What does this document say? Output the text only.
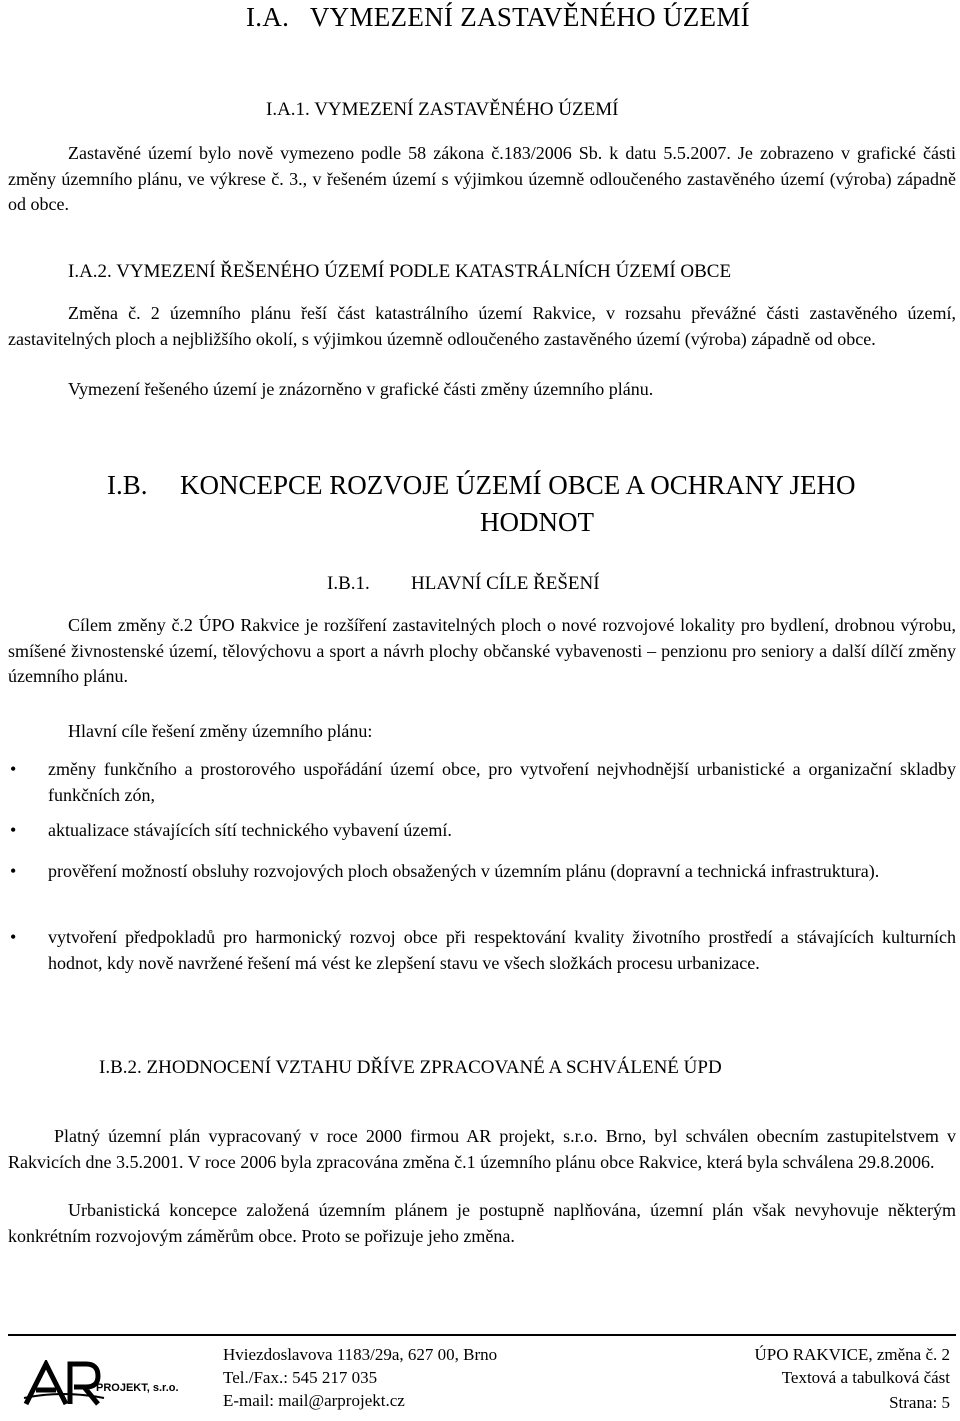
I.A.   VYMEZENÍ ZASTAVĚNÉHO ÚZEMÍ
I.A.1. VYMEZENÍ ZASTAVĚNÉHO ÚZEMÍ
Zastavěné území bylo nově vymezeno podle 58 zákona č.183/2006 Sb. k datu 5.5.2007. Je zobrazeno v grafické části změny územního plánu, ve výkrese č. 3., v řešeném území s výjimkou územně odloučeného zastavěného území (výroba) západně od obce.
I.A.2. VYMEZENÍ ŘEŠENÉHO ÚZEMÍ PODLE KATASTRÁLNÍCH ÚZEMÍ OBCE
Změna č. 2 územního plánu řeší část katastrálního území Rakvice, v rozsahu převážné části zastavěného území, zastavitelných ploch a nejbližšího okolí, s výjimkou územně odloučeného zastavěného území (výroba) západně od obce.
Vymezení řešeného území je znázorněno v grafické části změny územního plánu.
I.B. KONCEPCE ROZVOJE ÚZEMÍ OBCE A OCHRANY JEHO
HODNOT
I.B.1. HLAVNÍ CÍLE ŘEŠENÍ
Cílem změny č.2 ÚPO Rakvice je rozšíření zastavitelných ploch o nové rozvojové lokality pro bydlení, drobnou výrobu, smíšené živnostenské území, tělovýchovu a sport a návrh plochy občanské vybavenosti – penzionu pro seniory a další dílčí změny územního plánu.
Hlavní cíle řešení změny územního plánu:
• změny funkčního a prostorového uspořádání území obce, pro vytvoření nejvhodnější urbanistické a organizační skladby funkčních zón,
• aktualizace stávajících sítí technického vybavení území.
• prověření možností obsluhy rozvojových ploch obsažených v územním plánu (dopravní a technická infrastruktura).
• vytvoření předpokladů pro harmonický rozvoj obce při respektování kvality životního prostředí a stávajících kulturních hodnot, kdy nově navržené řešení má vést ke zlepšení stavu ve všech složkách procesu urbanizace.
I.B.2. ZHODNOCENÍ VZTAHU DŘÍVE ZPRACOVANÉ A SCHVÁLENÉ ÚPD
Platný územní plán vypracovaný v roce 2000 firmou AR projekt, s.r.o. Brno, byl schválen obecním zastupitelstvem v Rakvicích dne 3.5.2001. V roce 2006 byla zpracována změna č.1 územního plánu obce Rakvice, která byla schválena 29.8.2006.
Urbanistická koncepce založená územním plánem je postupně naplňována, územní plán však nevyhovuje některým konkrétním rozvojovým záměrům obce. Proto se pořizuje jeho změna.
PROJEKT, s.r.o.
Hviezdoslavova 1183/29a, 627 00, Brno
Tel./Fax.: 545 217 035
E-mail: mail@arprojekt.cz
ÚPO RAKVICE, změna č. 2
Textová a tabulková část
Strana: 5
